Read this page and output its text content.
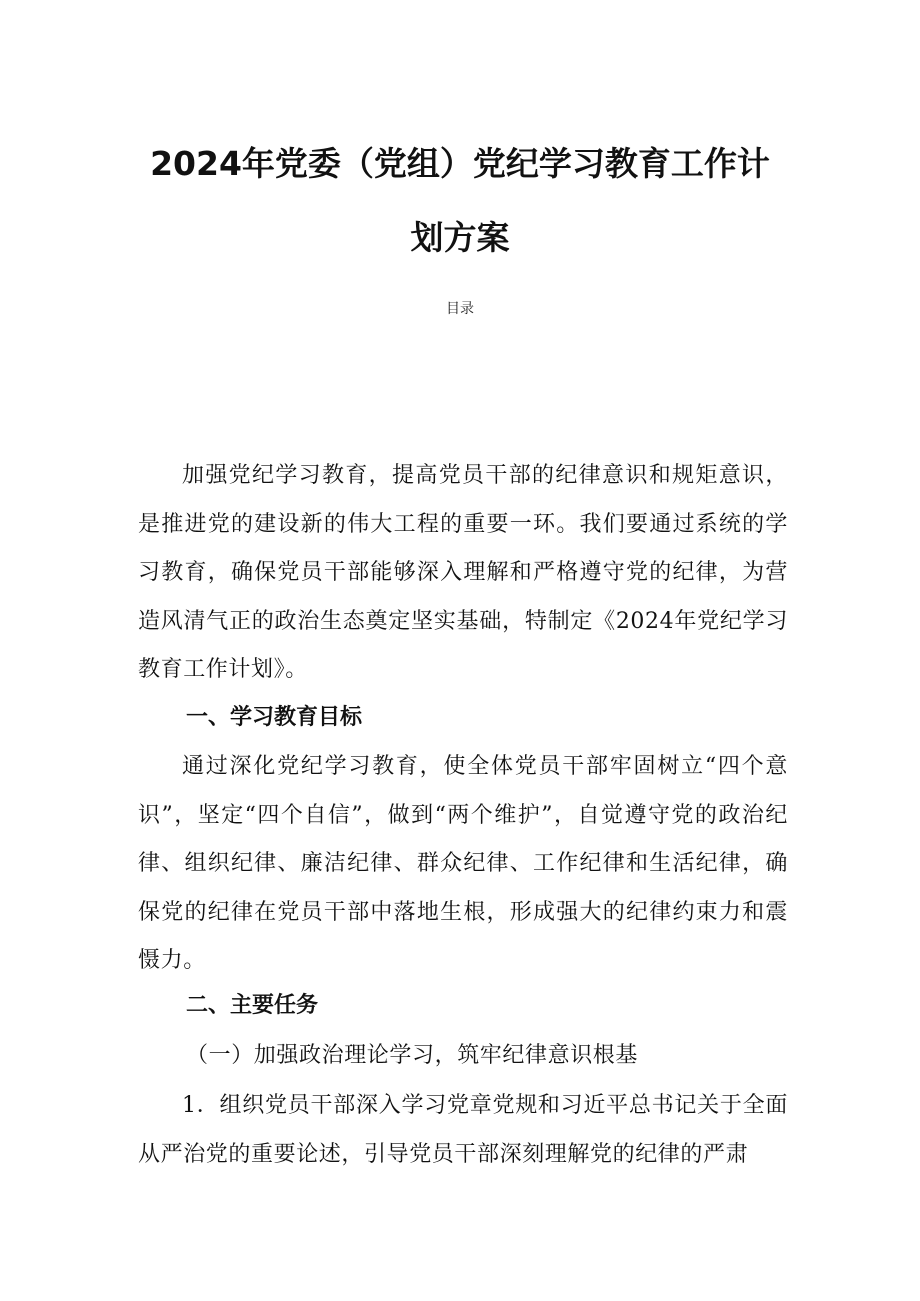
2024年党委（党组）党纪学习教育工作计
划方案
目录

加强党纪学习教育，提高党员干部的纪律意识和规矩意识，是推进党的建设新的伟大工程的重要一环。我们要通过系统的学习教育，确保党员干部能够深入理解和严格遵守党的纪律，为营造风清气正的政治生态奠定坚实基础，特制定《2024年党纪学习教育工作计划》。

一、学习教育目标

通过深化党纪学习教育，使全体党员干部牢固树立“四个意识”，坚定“四个自信”，做到“两个维护”，自觉遵守党的政治纪律、组织纪律、廉洁纪律、群众纪律、工作纪律和生活纪律，确保党的纪律在党员干部中落地生根，形成强大的纪律约束力和震慑力。

二、主要任务
（一）加强政治理论学习，筑牢纪律意识根基

1．组织党员干部深入学习党章党规和习近平总书记关于全面从严治党的重要论述，引导党员干部深刻理解党的纪律的严肃
